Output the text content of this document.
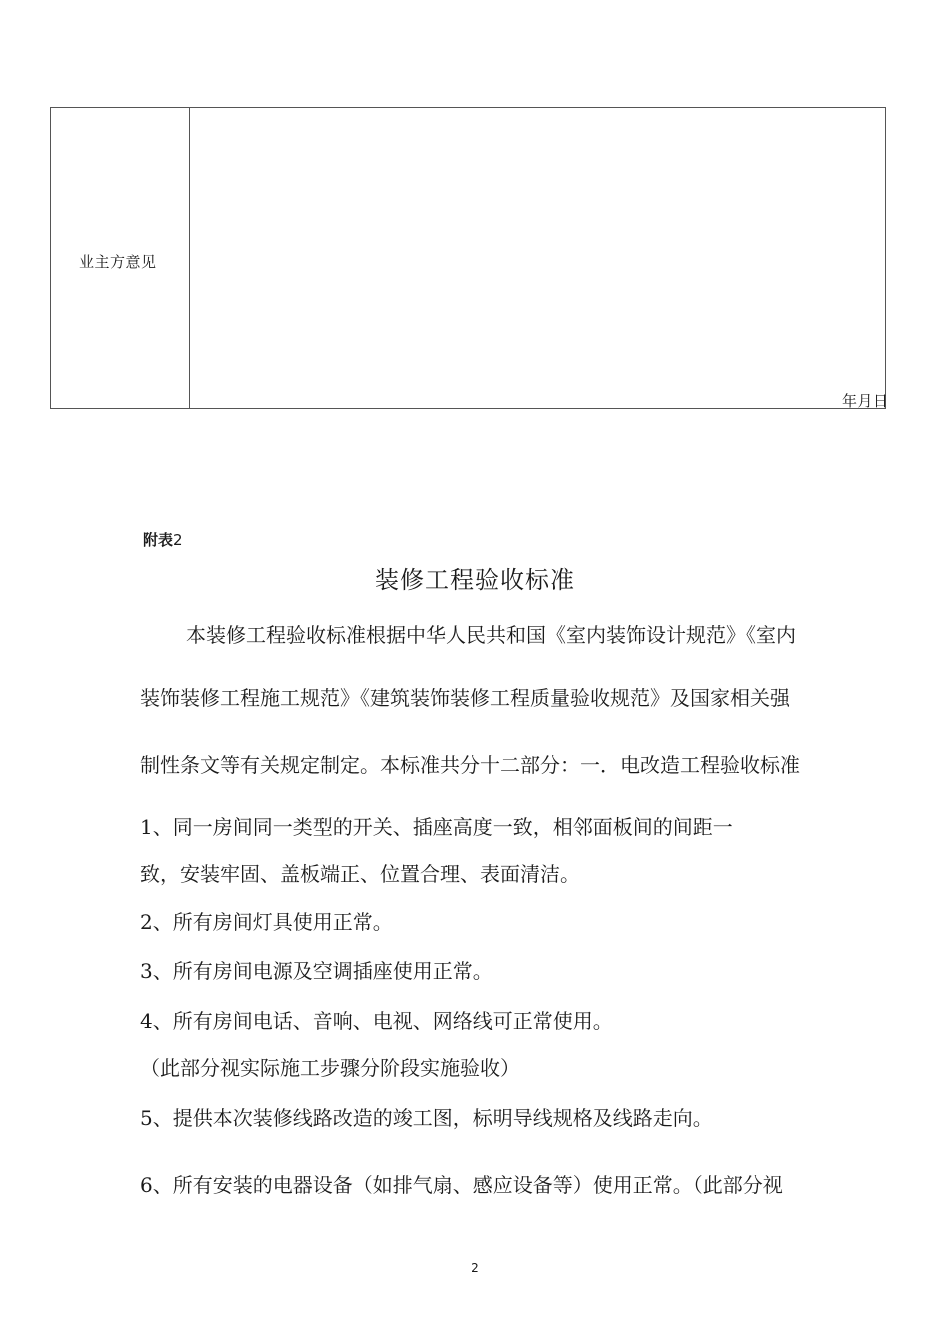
业主方意见
年月日
附表2
装修工程验收标准
本装修工程验收标准根据中华人民共和国《室内装饰设计规范》《室内
装饰装修工程施工规范》《建筑装饰装修工程质量验收规范》及国家相关强
制性条文等有关规定制定。本标准共分十二部分：一．电改造工程验收标准
1、同一房间同一类型的开关、插座高度一致，相邻面板间的间距一
致，安装牢固、盖板端正、位置合理、表面清洁。
2、所有房间灯具使用正常。
3、所有房间电源及空调插座使用正常。
4、所有房间电话、音响、电视、网络线可正常使用。
（此部分视实际施工步骤分阶段实施验收）
5、提供本次装修线路改造的竣工图，标明导线规格及线路走向。
6、所有安装的电器设备（如排气扇、感应设备等）使用正常。（此部分视
2
